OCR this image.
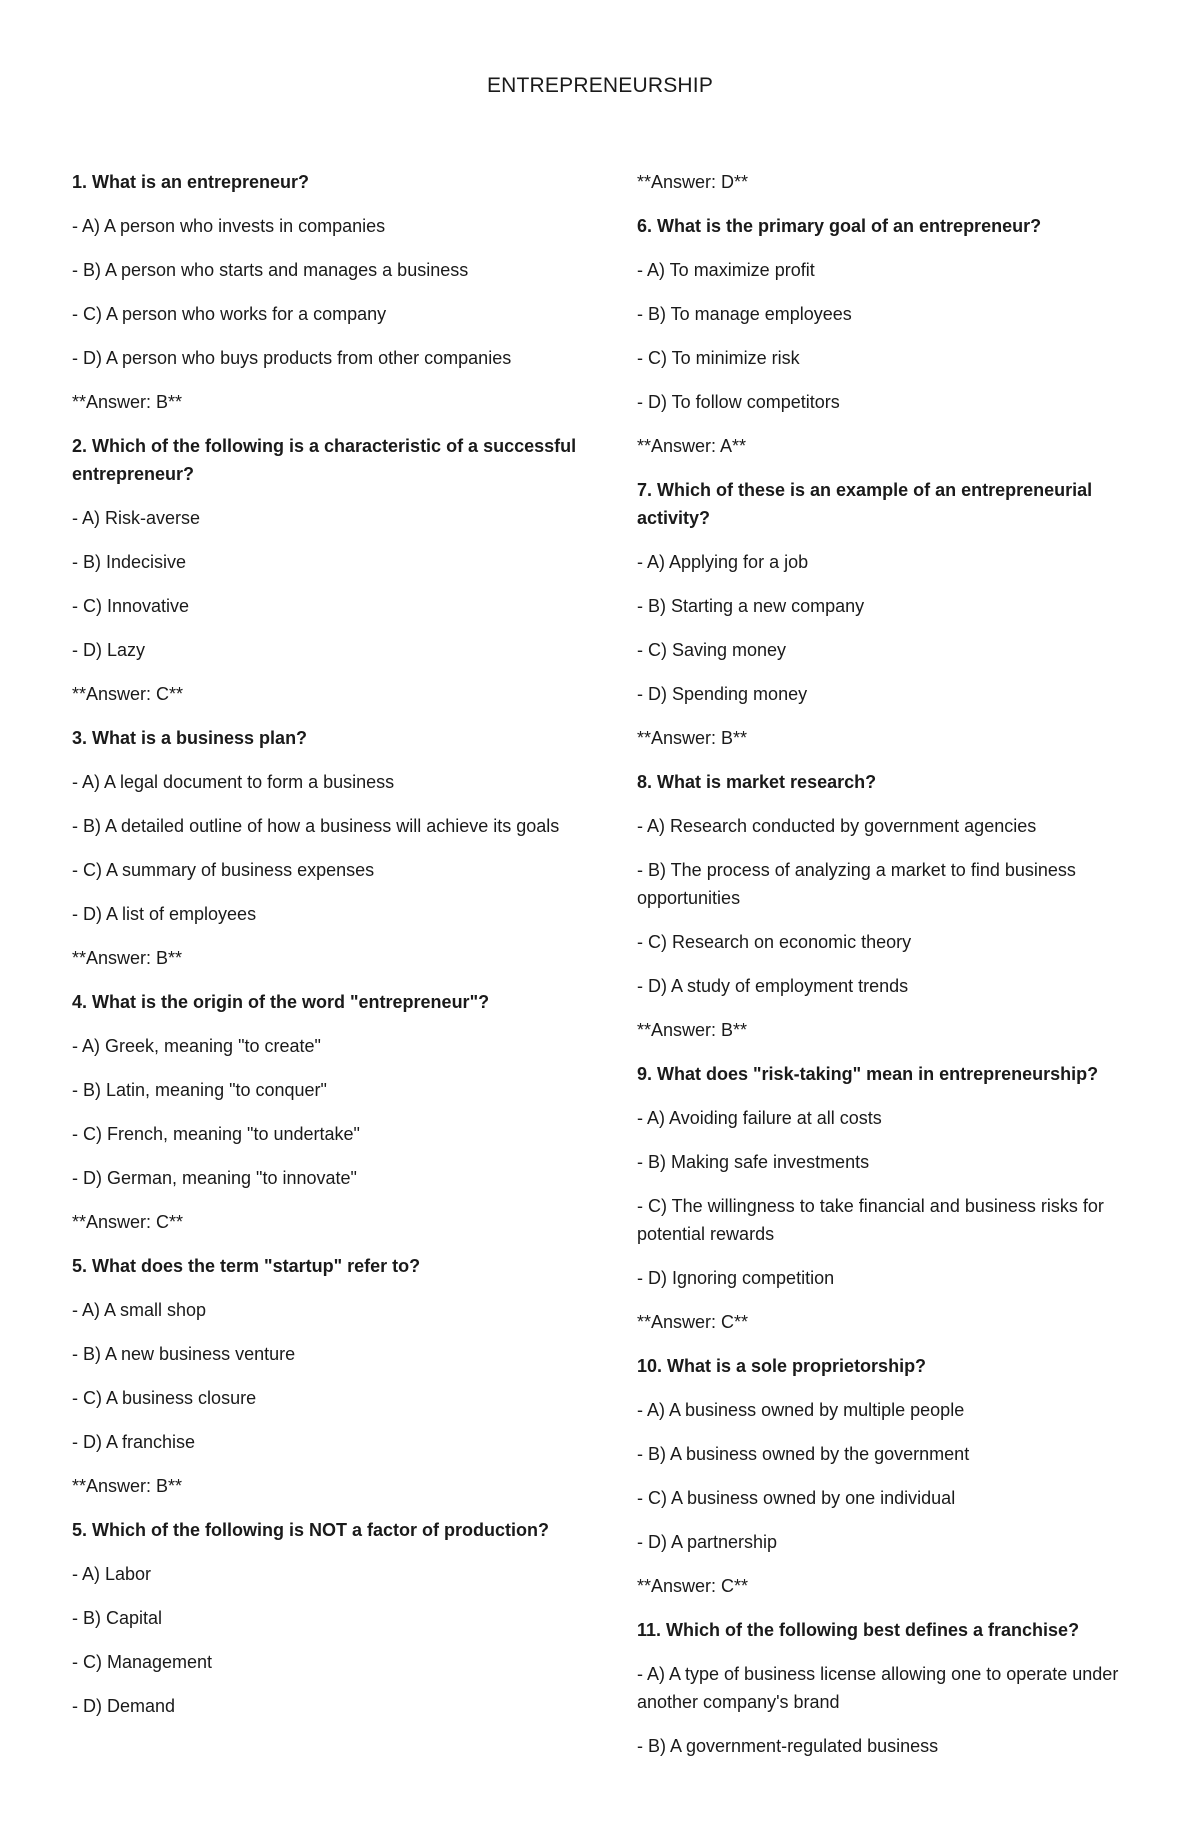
ENTREPRENEURSHIP

1. What is an entrepreneur?

- A) A person who invests in companies

- B) A person who starts and manages a business

- C) A person who works for a company

- D) A person who buys products from other companies

**Answer: B**

2. Which of the following is a characteristic of a successful entrepreneur?

- A) Risk-averse

- B) Indecisive

- C) Innovative

- D) Lazy

**Answer: C**

3. What is a business plan?

- A) A legal document to form a business

- B) A detailed outline of how a business will achieve its goals

- C) A summary of business expenses

- D) A list of employees

**Answer: B**

4. What is the origin of the word "entrepreneur"?

- A) Greek, meaning "to create"

- B) Latin, meaning "to conquer"

- C) French, meaning "to undertake"

- D) German, meaning "to innovate"

**Answer: C**

5. What does the term "startup" refer to?

- A) A small shop

- B) A new business venture

- C) A business closure

- D) A franchise

**Answer: B**

5. Which of the following is NOT a factor of production?

- A) Labor

- B) Capital

- C) Management

- D) Demand

**Answer: D**

6. What is the primary goal of an entrepreneur?

- A) To maximize profit

- B) To manage employees

- C) To minimize risk

- D) To follow competitors

**Answer: A**

7. Which of these is an example of an entrepreneurial activity?

- A) Applying for a job

- B) Starting a new company

- C) Saving money

- D) Spending money

**Answer: B**

8. What is market research?

- A) Research conducted by government agencies

- B) The process of analyzing a market to find business opportunities

- C) Research on economic theory

- D) A study of employment trends

**Answer: B**

9. What does "risk-taking" mean in entrepreneurship?

- A) Avoiding failure at all costs

- B) Making safe investments

- C) The willingness to take financial and business risks for potential rewards

- D) Ignoring competition

**Answer: C**

10. What is a sole proprietorship?

- A) A business owned by multiple people

- B) A business owned by the government

- C) A business owned by one individual

- D) A partnership

**Answer: C**

11. Which of the following best defines a franchise?

- A) A type of business license allowing one to operate under another company's brand

- B) A government-regulated business
